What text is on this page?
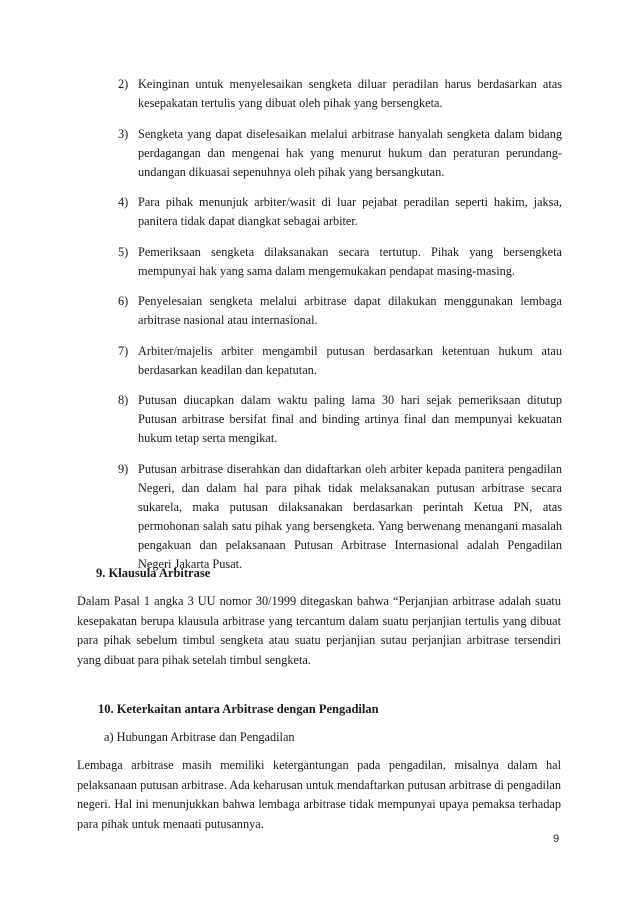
2) Keinginan untuk menyelesaikan sengketa diluar peradilan harus berdasarkan atas kesepakatan tertulis yang dibuat oleh pihak yang bersengketa.
3) Sengketa yang dapat diselesaikan melalui arbitrase hanyalah sengketa dalam bidang perdagangan dan mengenai hak yang menurut hukum dan peraturan perundang-undangan dikuasai sepenuhnya oleh pihak yang bersangkutan.
4) Para pihak menunjuk arbiter/wasit di luar pejabat peradilan seperti hakim, jaksa, panitera tidak dapat diangkat sebagai arbiter.
5) Pemeriksaan sengketa dilaksanakan secara tertutup. Pihak yang bersengketa mempunyai hak yang sama dalam mengemukakan pendapat masing-masing.
6) Penyelesaian sengketa melalui arbitrase dapat dilakukan menggunakan lembaga arbitrase nasional atau internasional.
7) Arbiter/majelis arbiter mengambil putusan berdasarkan ketentuan hukum atau berdasarkan keadilan dan kepatutan.
8) Putusan diucapkan dalam waktu paling lama 30 hari sejak pemeriksaan ditutup Putusan arbitrase bersifat final and binding artinya final dan mempunyai kekuatan hukum tetap serta mengikat.
9) Putusan arbitrase diserahkan dan didaftarkan oleh arbiter kepada panitera pengadilan Negeri, dan dalam hal para pihak tidak melaksanakan putusan arbitrase secara sukarela, maka putusan dilaksanakan berdasarkan perintah Ketua PN, atas permohonan salah satu pihak yang bersengketa. Yang berwenang menangani masalah pengakuan dan pelaksanaan Putusan Arbitrase Internasional adalah Pengadilan Negeri Jakarta Pusat.
9. Klausula Arbitrase

Dalam Pasal 1 angka 3 UU nomor 30/1999 ditegaskan bahwa “Perjanjian arbitrase adalah suatu kesepakatan berupa klausula arbitrase yang tercantum dalam suatu perjanjian tertulis yang dibuat para pihak sebelum timbul sengketa atau suatu perjanjian sutau perjanjian arbitrase tersendiri yang dibuat para pihak setelah timbul sengketa.

10. Keterkaitan antara Arbitrase dengan Pengadilan
a) Hubungan Arbitrase dan Pengadilan

Lembaga arbitrase masih memiliki ketergantungan pada pengadilan, misalnya dalam hal pelaksanaan putusan arbitrase. Ada keharusan untuk mendaftarkan putusan arbitrase di pengadilan negeri. Hal ini menunjukkan bahwa lembaga arbitrase tidak mempunyai upaya pemaksa terhadap para pihak untuk menaati putusannya.

9
